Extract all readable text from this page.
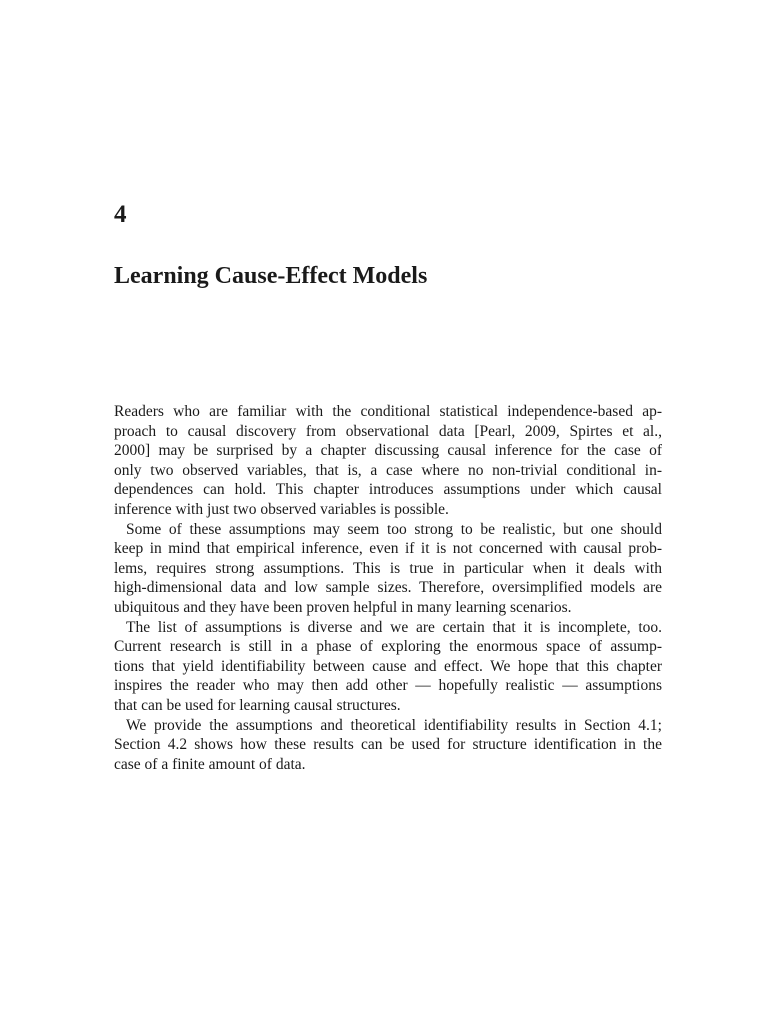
4
Learning Cause-Effect Models

Readers who are familiar with the conditional statistical independence-based ap-
proach to causal discovery from observational data [Pearl, 2009, Spirtes et al.,
2000] may be surprised by a chapter discussing causal inference for the case of
only two observed variables, that is, a case where no non-trivial conditional in-
dependences can hold. This chapter introduces assumptions under which causal
inference with just two observed variables is possible.

Some of these assumptions may seem too strong to be realistic, but one should
keep in mind that empirical inference, even if it is not concerned with causal prob-
lems, requires strong assumptions. This is true in particular when it deals with
high-dimensional data and low sample sizes. Therefore, oversimplified models are
ubiquitous and they have been proven helpful in many learning scenarios.

The list of assumptions is diverse and we are certain that it is incomplete, too.
Current research is still in a phase of exploring the enormous space of assump-
tions that yield identifiability between cause and effect. We hope that this chapter
inspires the reader who may then add other — hopefully realistic — assumptions
that can be used for learning causal structures.

We provide the assumptions and theoretical identifiability results in Section 4.1;
Section 4.2 shows how these results can be used for structure identification in the
case of a finite amount of data.
